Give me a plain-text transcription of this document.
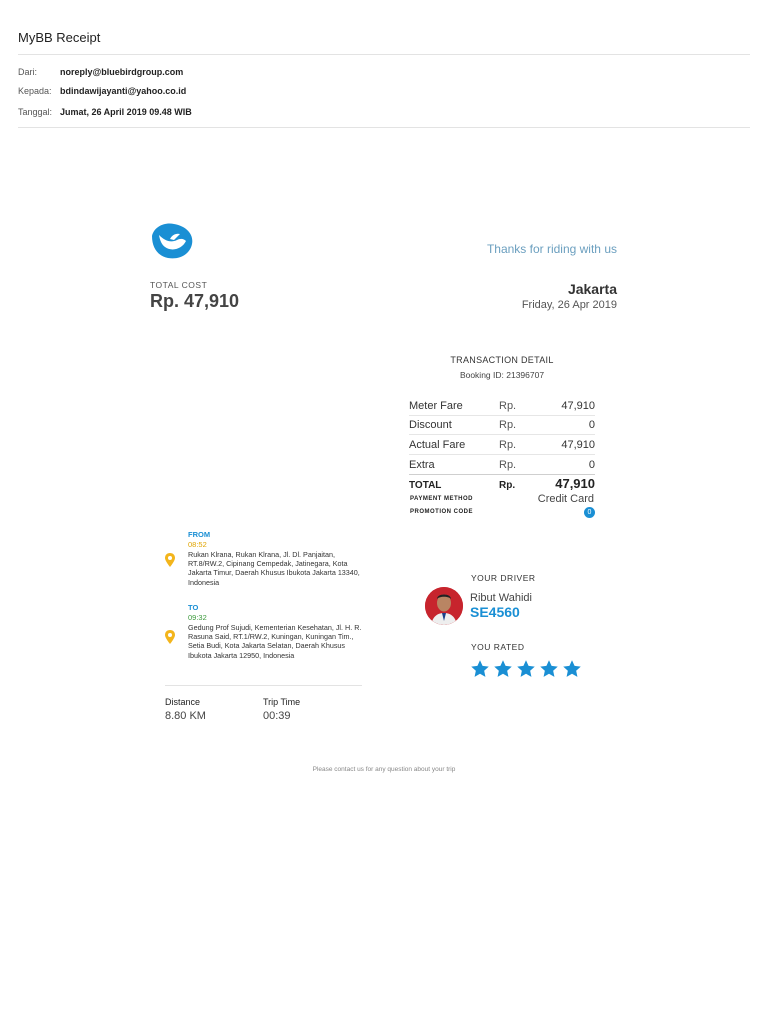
MyBB Receipt
Dari:	noreply@bluebirdgroup.com
Kepada: bdindawijayanti@yahoo.co.id
Tanggal: Jumat, 26 April 2019 09.48 WIB
Thanks for riding with us
TOTAL COST
Rp. 47,910
Jakarta
Friday, 26 Apr 2019
TRANSACTION DETAIL
Booking ID: 21396707
Meter Fare	Rp.	47,910
Discount	Rp.	0
Actual Fare	Rp.	47,910
Extra	Rp.	0
TOTAL	Rp.	47,910
PAYMENT METHOD	Credit Card
PROMOTION CODE	0
FROM
08:52
Rukan Klrana, Rukan Klrana, Jl. Dl. Panjaitan, RT.8/RW.2, Cipinang Cempedak, Jatinegara, Kota Jakarta Timur, Daerah Khusus Ibukota Jakarta 13340, Indonesia
TO
09:32
Gedung Prof Sujudi, Kementerian Kesehatan, Jl. H. R. Rasuna Said, RT.1/RW.2, Kuningan, Kuningan Tim., Setia Budi, Kota Jakarta Selatan, Daerah Khusus Ibukota Jakarta 12950, Indonesia
Distance
8.80 KM
Trip Time
00:39
YOUR DRIVER
Ribut Wahidi
SE4560
YOU RATED
Please contact us for any question about your trip
